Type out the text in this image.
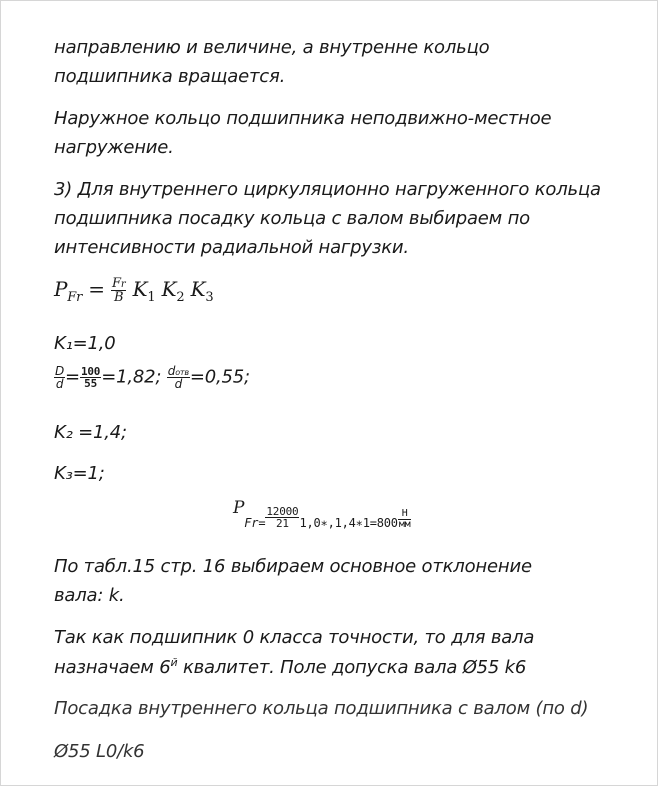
направлению и величине, а внутренне кольцо
подшипника вращается.
Наружное кольцо подшипника неподвижно-местное
нагружение.
3) Для внутреннего циркуляционно нагруженного кольца
подшипника посадку кольца с валом выбираем по
интенсивности радиальной нагрузки.
$P_{Fr} = \frac{Fr}{B} K_1$ $K_2$ $K_3$
K₁=1,0
$\frac{D}{d} = \frac{100}{55} =1,82$; $\frac{\text{dотв}}{d} =0,55$;
K₂ =1,4;
K₃=1;
$P_{Fr=} \frac{12000}{21} _{1,0∗,1,4∗1=800} \frac{Н}{мм}$
По табл.15 стр. 16 выбираем основное отклонение
вала: k.
Так как подшипник 0 класса точности, то для вала
назначаем $6^й$ квалитет. Поле допуска вала Ø55 k6
Посадка внутреннего кольца подшипника с валом (по d)
Ø55 L0/k6
